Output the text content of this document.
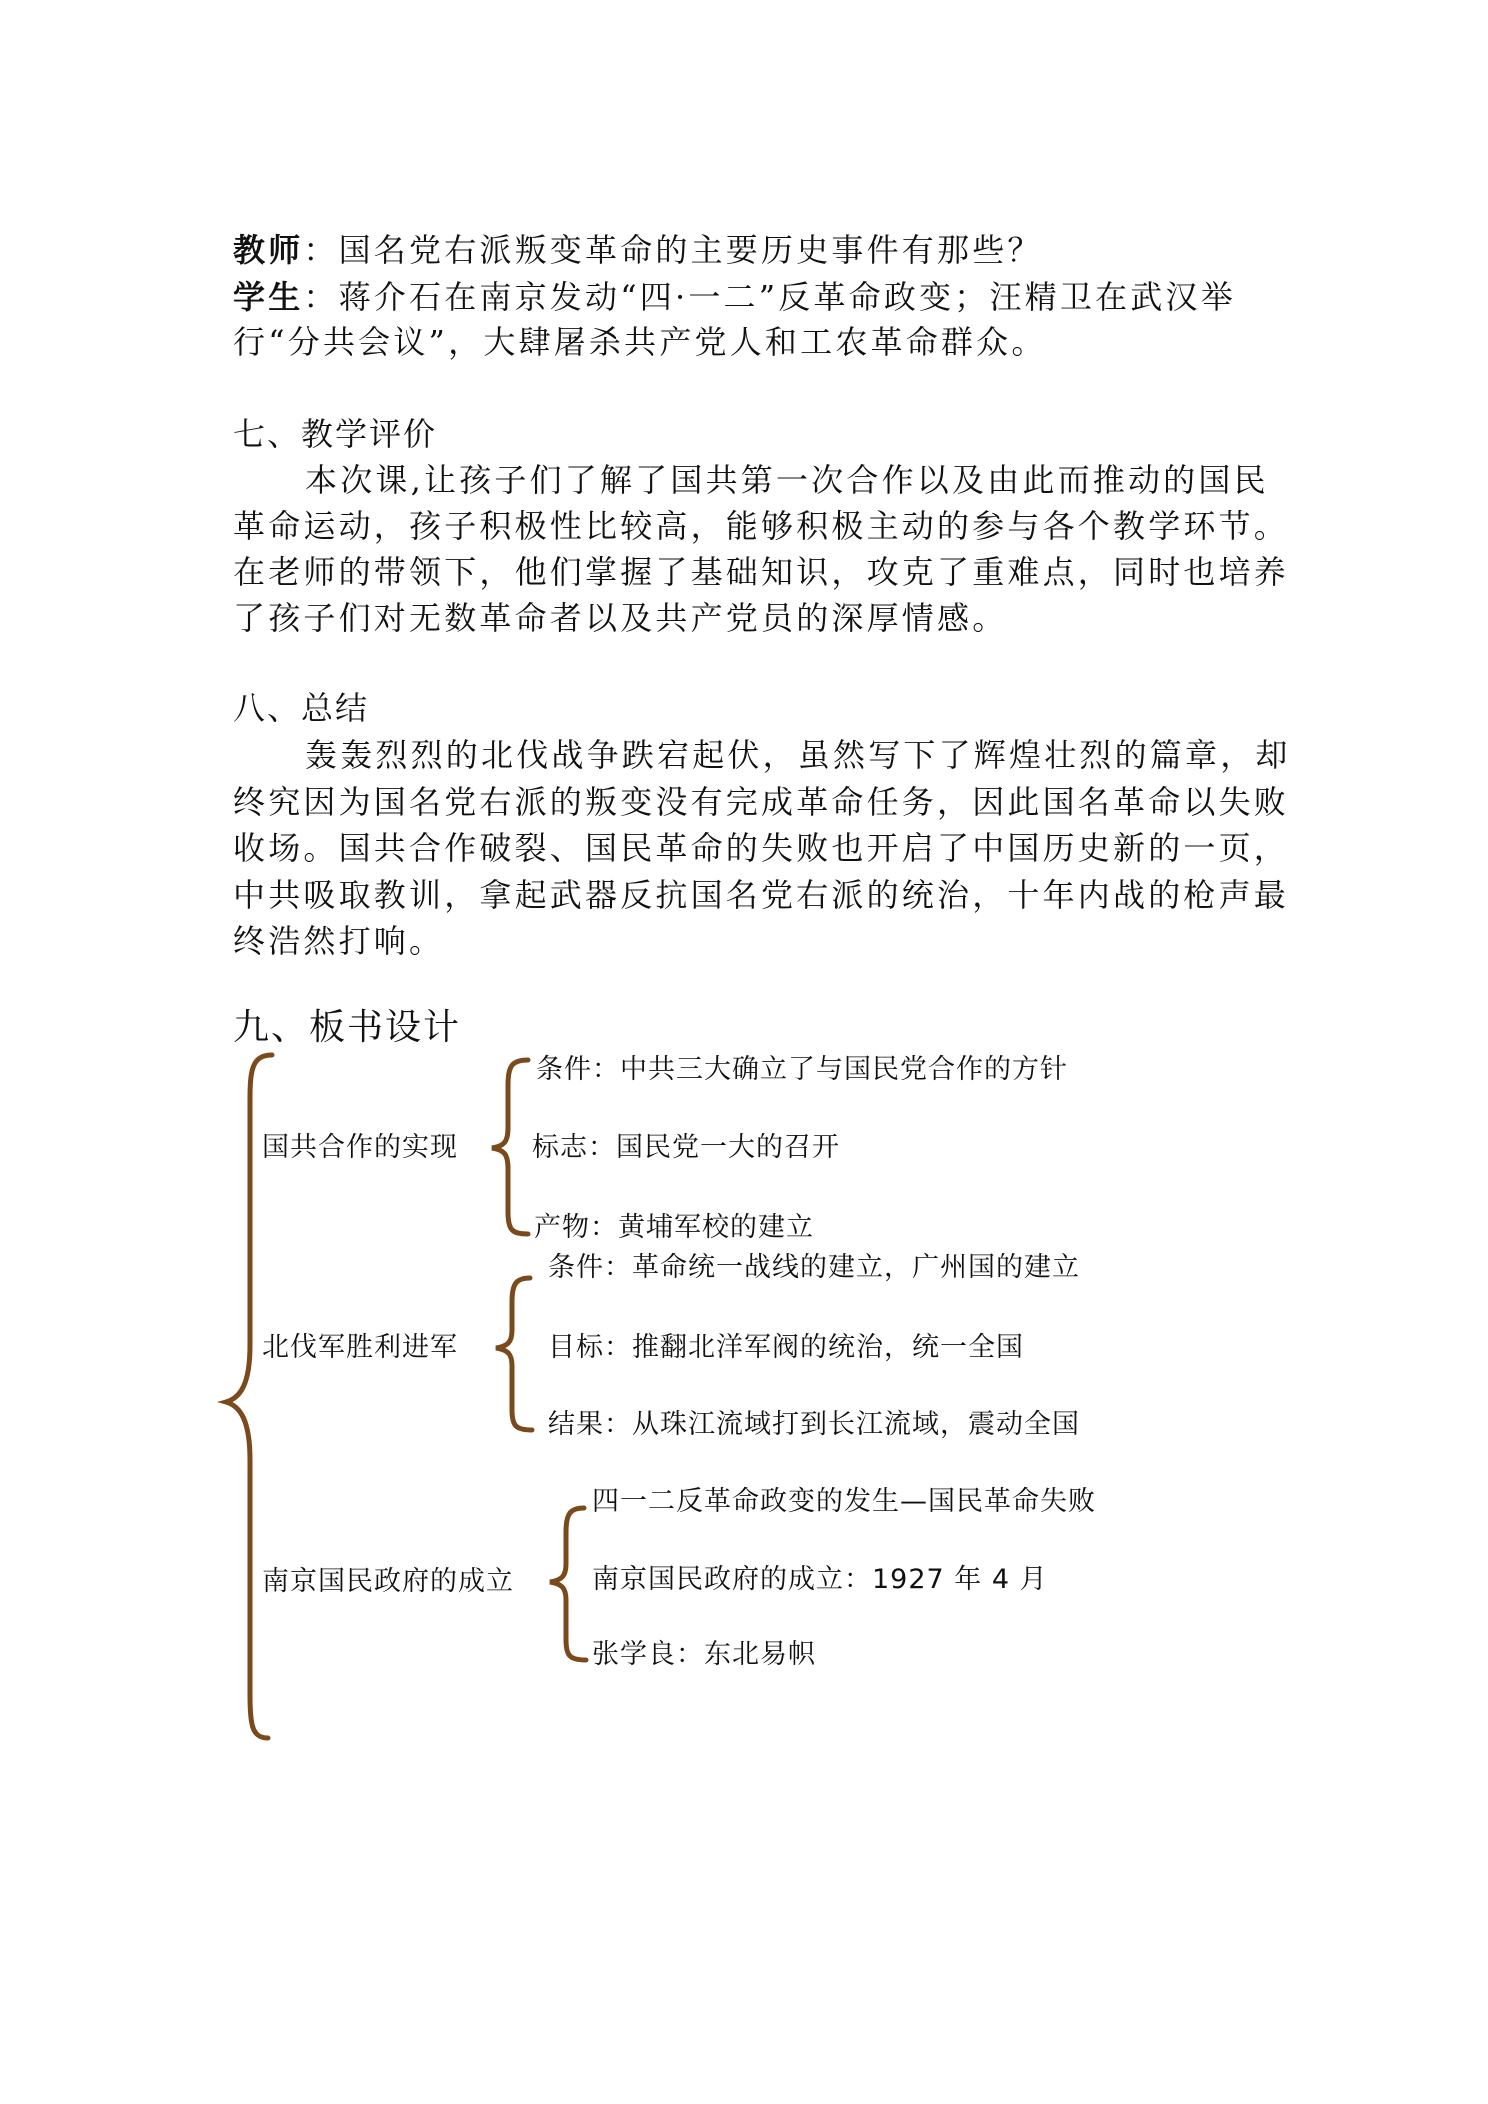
教师：国名党右派叛变革命的主要历史事件有那些？
学生：蒋介石在南京发动“四·一二”反革命政变；汪精卫在武汉举
行“分共会议”，大肆屠杀共产党人和工农革命群众。
七、教学评价
本次课,让孩子们了解了国共第一次合作以及由此而推动的国民
革命运动，孩子积极性比较高，能够积极主动的参与各个教学环节。
在老师的带领下，他们掌握了基础知识，攻克了重难点，同时也培养
了孩子们对无数革命者以及共产党员的深厚情感。
八、总结
轰轰烈烈的北伐战争跌宕起伏，虽然写下了辉煌壮烈的篇章，却
终究因为国名党右派的叛变没有完成革命任务，因此国名革命以失败
收场。国共合作破裂、国民革命的失败也开启了中国历史新的一页，
中共吸取教训，拿起武器反抗国名党右派的统治，十年内战的枪声最
终浩然打响。
九、板书设计
国共合作的实现
条件：中共三大确立了与国民党合作的方针
标志：国民党一大的召开
产物：黄埔军校的建立
北伐军胜利进军
条件：革命统一战线的建立，广州国的建立
目标：推翻北洋军阀的统治，统一全国
结果：从珠江流域打到长江流域，震动全国
南京国民政府的成立
四一二反革命政变的发生—国民革命失败
南京国民政府的成立：1927 年 4 月
张学良：东北易帜
